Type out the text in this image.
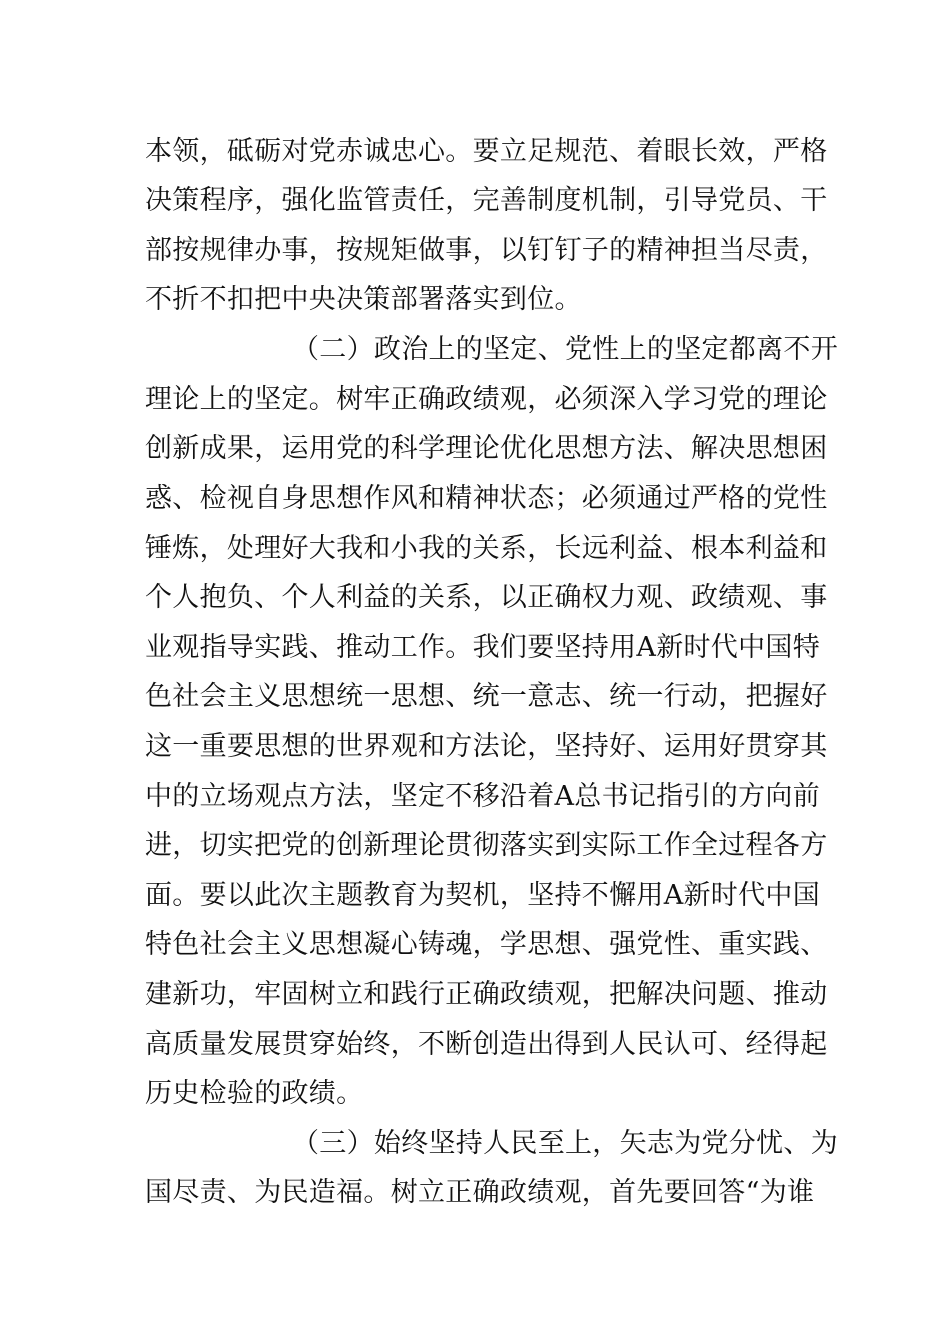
本领，砥砺对党赤诚忠心。要立足规范、着眼长效，严格
决策程序，强化监管责任，完善制度机制，引导党员、干
部按规律办事，按规矩做事，以钉钉子的精神担当尽责，
不折不扣把中央决策部署落实到位。
（二）政治上的坚定、党性上的坚定都离不开
理论上的坚定。树牢正确政绩观，必须深入学习党的理论
创新成果，运用党的科学理论优化思想方法、解决思想困
惑、检视自身思想作风和精神状态；必须通过严格的党性
锤炼，处理好大我和小我的关系，长远利益、根本利益和
个人抱负、个人利益的关系，以正确权力观、政绩观、事
业观指导实践、推动工作。我们要坚持用A新时代中国特
色社会主义思想统一思想、统一意志、统一行动，把握好
这一重要思想的世界观和方法论，坚持好、运用好贯穿其
中的立场观点方法，坚定不移沿着A总书记指引的方向前
进，切实把党的创新理论贯彻落实到实际工作全过程各方
面。要以此次主题教育为契机，坚持不懈用A新时代中国
特色社会主义思想凝心铸魂，学思想、强党性、重实践、
建新功，牢固树立和践行正确政绩观，把解决问题、推动
高质量发展贯穿始终，不断创造出得到人民认可、经得起
历史检验的政绩。
（三）始终坚持人民至上，矢志为党分忧、为
国尽责、为民造福。树立正确政绩观，首先要回答“为谁
